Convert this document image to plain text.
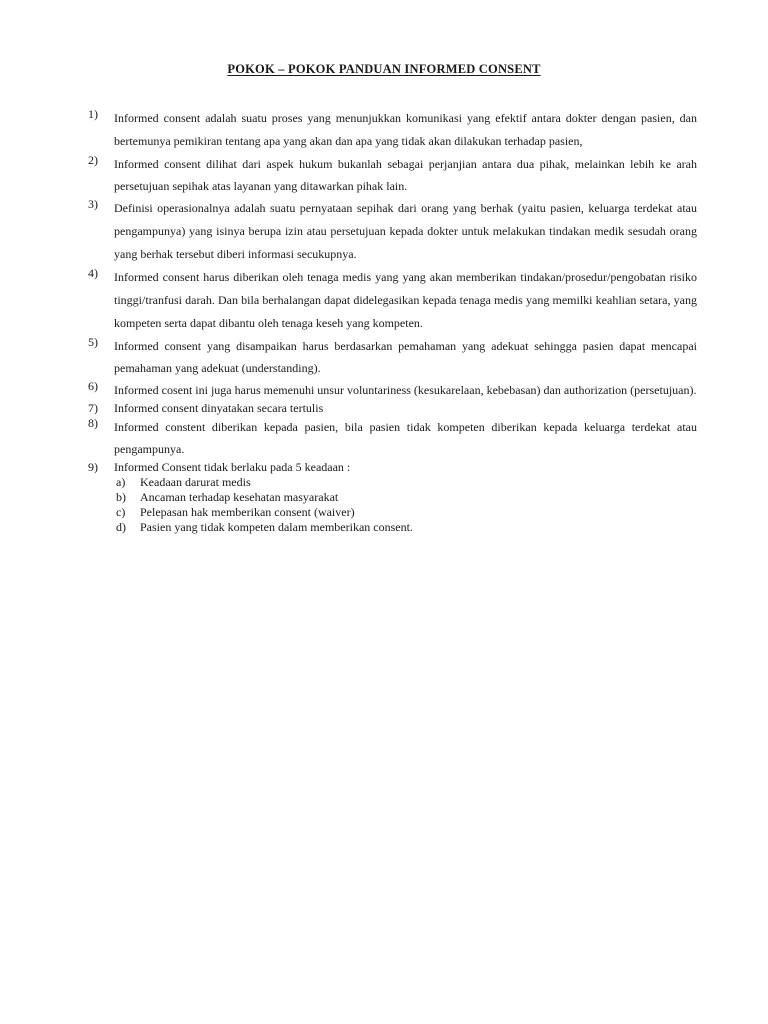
POKOK – POKOK PANDUAN INFORMED CONSENT
1) Informed consent adalah suatu proses yang menunjukkan komunikasi yang efektif antara dokter dengan pasien, dan bertemunya pemikiran tentang apa yang akan dan apa yang tidak akan dilakukan terhadap pasien,
2) Informed consent dilihat dari aspek hukum bukanlah sebagai perjanjian antara dua pihak, melainkan lebih ke arah persetujuan sepihak atas layanan yang ditawarkan pihak lain.
3) Definisi operasionalnya adalah suatu pernyataan sepihak dari orang yang berhak (yaitu pasien, keluarga terdekat atau pengampunya) yang isinya berupa izin atau persetujuan kepada dokter untuk melakukan tindakan medik sesudah orang yang berhak tersebut diberi informasi secukupnya.
4) Informed consent harus diberikan oleh tenaga medis yang yang akan memberikan tindakan/prosedur/pengobatan risiko tinggi/tranfusi darah. Dan bila berhalangan dapat didelegasikan kepada tenaga medis yang memilki keahlian setara, yang kompeten serta dapat dibantu oleh tenaga keseh yang kompeten.
5) Informed consent yang disampaikan harus berdasarkan pemahaman yang adekuat sehingga pasien dapat mencapai pemahaman yang adekuat (understanding).
6) Informed cosent ini juga harus memenuhi unsur voluntariness (kesukarelaan, kebebasan) dan authorization (persetujuan).
7) Informed consent dinyatakan secara tertulis
8) Informed constent diberikan kepada pasien, bila pasien tidak kompeten diberikan kepada keluarga terdekat atau pengampunya.
9) Informed Consent tidak berlaku pada 5 keadaan :
a) Keadaan darurat medis
b) Ancaman terhadap kesehatan masyarakat
c) Pelepasan hak memberikan consent (waiver)
d) Pasien yang tidak kompeten dalam memberikan consent.
